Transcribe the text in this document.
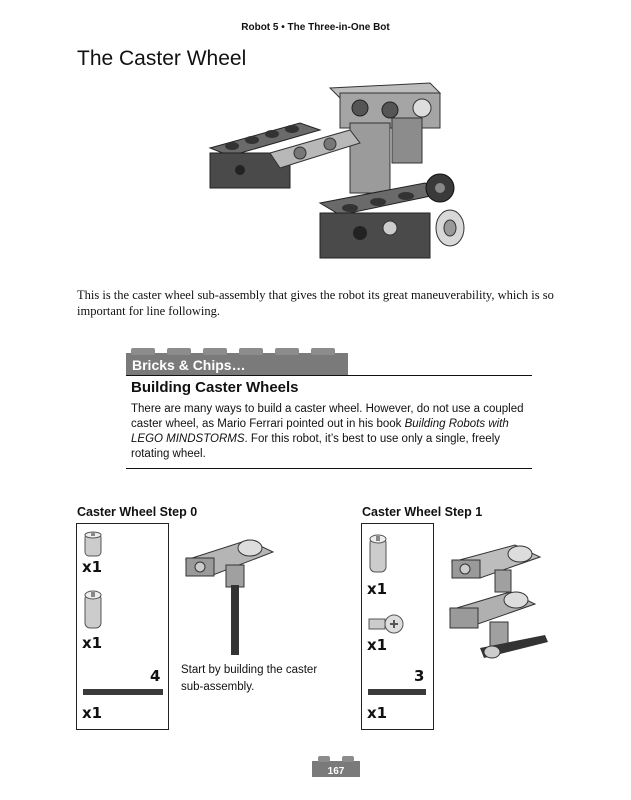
Robot 5 • The Three-in-One Bot
The Caster Wheel

This is the caster wheel sub-assembly that gives the robot its great maneuverability, which is so important for line following.

Bricks & Chips…
Building Caster Wheels

There are many ways to build a caster wheel. However, do not use a coupled caster wheel, as Mario Ferrari pointed out in his book Building Robots with LEGO MINDSTORMS. For this robot, it’s best to use only a single, freely rotating wheel.

Caster Wheel Step 0
x1
x1
4
x1

Start by building the caster sub-assembly.

Caster Wheel Step 1
x1
x1
3
x1
167
